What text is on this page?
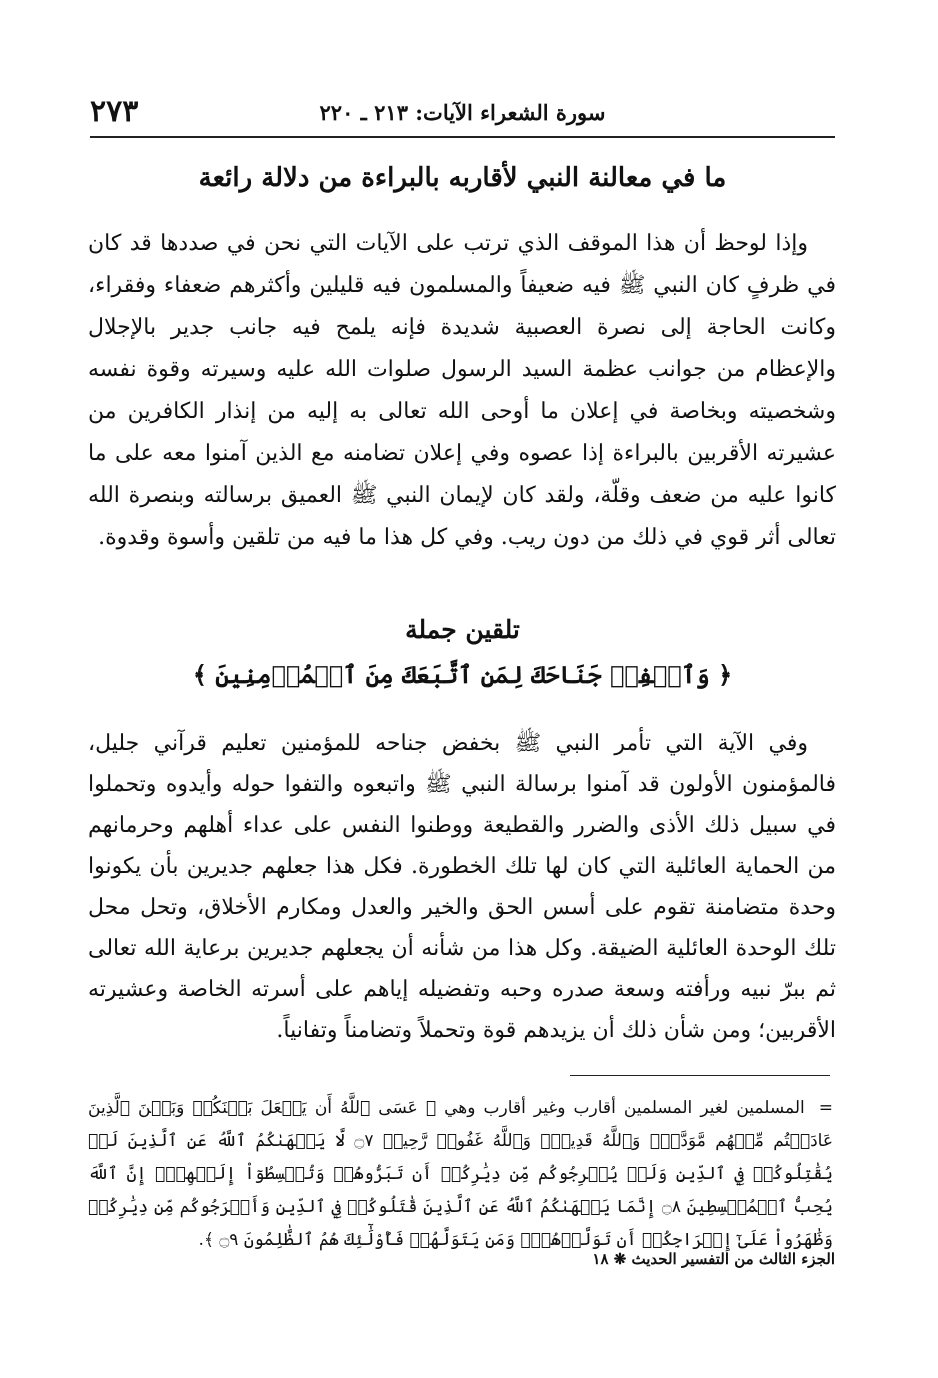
٢٧٣	سورة الشعراء الآيات: ٢١٣ ـ ٢٢٠
ما في معالنة النبي لأقاربه بالبراءة من دلالة رائعة
وإذا لوحظ أن هذا الموقف الذي ترتب على الآيات التي نحن في صددها قد كان في ظرفٍ كان النبي ﷺ فيه ضعيفاً والمسلمون فيه قليلين وأكثرهم ضعفاء وفقراء، وكانت الحاجة إلى نصرة العصبية شديدة فإنه يلمح فيه جانب جدير بالإجلال والإعظام من جوانب عظمة السيد الرسول صلوات الله عليه وسيرته وقوة نفسه وشخصيته وبخاصة في إعلان ما أوحى الله تعالى به إليه من إنذار الكافرين من عشيرته الأقربين بالبراءة إذا عصوه وفي إعلان تضامنه مع الذين آمنوا معه على ما كانوا عليه من ضعف وقلّة، ولقد كان لإيمان النبي ﷺ العميق برسالته وبنصرة الله تعالى أثر قوي في ذلك من دون ريب. وفي كل هذا ما فيه من تلقين وأسوة وقدوة.
تلقين جملة
﴿ وَٱخۡفِضۡ جَنَاحَكَ لِمَنِ ٱتَّبَعَكَ مِنَ ٱلۡمُؤۡمِنِينَ ﴾
وفي الآية التي تأمر النبي ﷺ بخفض جناحه للمؤمنين تعليم قرآني جليل، فالمؤمنون الأولون قد آمنوا برسالة النبي ﷺ واتبعوه والتفوا حوله وأيدوه وتحملوا في سبيل ذلك الأذى والضرر والقطيعة ووطنوا النفس على عداء أهلهم وحرمانهم من الحماية العائلية التي كان لها تلك الخطورة. فكل هذا جعلهم جديرين بأن يكونوا وحدة متضامنة تقوم على أسس الحق والخير والعدل ومكارم الأخلاق، وتحل محل تلك الوحدة العائلية الضيقة. وكل هذا من شأنه أن يجعلهم جديرين برعاية الله تعالى ثم ببرّ نبيه ورأفته وسعة صدره وحبه وتفضيله إياهم على أسرته الخاصة وعشيرته الأقربين؛ ومن شأن ذلك أن يزيدهم قوة وتحملاً وتضامناً وتفانياً.
=المسلمين لغير المسلمين أقارب وغير أقارب وهي ﴿ عَسَى ٱللَّهُ أَن يَجۡعَلَ بَيۡنَكُمۡ وَبَيۡنَ ٱلَّذِينَ عَادَيۡتُم مِّنۡهُم مَّوَدَّةٗۚ وَٱللَّهُ قَدِيرٞۚ وَٱللَّهُ غَفُورٞ رَّحِيمٞ ۝٧ لَّا يَنۡهَىٰكُمُ ٱللَّهُ عَنِ ٱلَّذِينَ لَمۡ يُقَٰتِلُوكُمۡ فِي ٱلدِّينِ وَلَمۡ يُخۡرِجُوكُم مِّن دِيَٰرِكُمۡ أَن تَبَرُّوهُمۡ وَتُقۡسِطُوٓاْ إِلَيۡهِمۡۚ إِنَّ ٱللَّهَ يُحِبُّ ٱلۡمُقۡسِطِينَ ۝٨ إِنَّمَا يَنۡهَىٰكُمُ ٱللَّهُ عَنِ ٱلَّذِينَ قَٰتَلُوكُمۡ فِي ٱلدِّينِ وَأَخۡرَجُوكُم مِّن دِيَٰرِكُمۡ وَظَٰهَرُواْ عَلَىٰٓ إِخۡرَاجِكُمۡ أَن تَوَلَّوۡهُمۡۚ وَمَن يَتَوَلَّهُمۡ فَأُوْلَٰٓئِكَ هُمُ ٱلظَّٰلِمُونَ ۝٩ ﴾.
الجزء الثالث من التفسير الحديث ❋ ١٨
